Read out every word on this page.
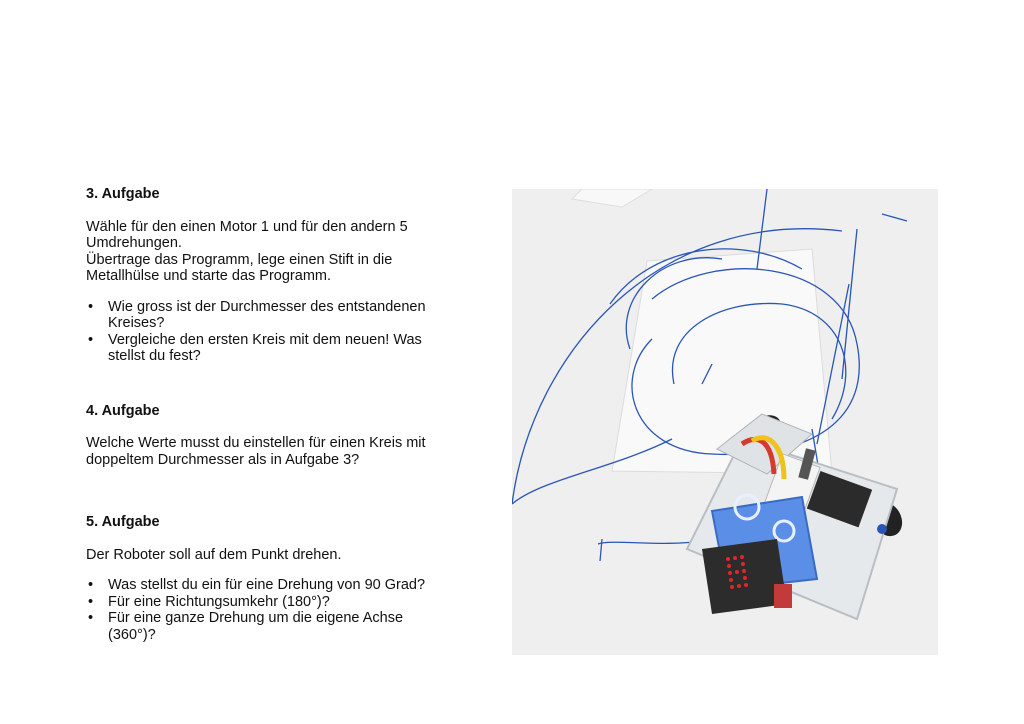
3. Aufgabe

Wähle für den einen Motor 1 und für den andern 5

Umdrehungen.

Übertrage das Programm, lege einen Stift in die

Metallhülse und starte das Programm.

• Wie gross ist der Durchmesser des entstandenen
Kreises?
• Vergleiche den ersten Kreis mit dem neuen! Was
stellst du fest?

4. Aufgabe

Welche Werte musst du einstellen für einen Kreis mit

doppeltem Durchmesser als in Aufgabe 3?

5. Aufgabe

Der Roboter soll auf dem Punkt drehen.

• Was stellst du ein für eine Drehung von 90 Grad?
• Für eine Richtungsumkehr (180°)?
• Für eine ganze Drehung um die eigene Achse
(360°)?
